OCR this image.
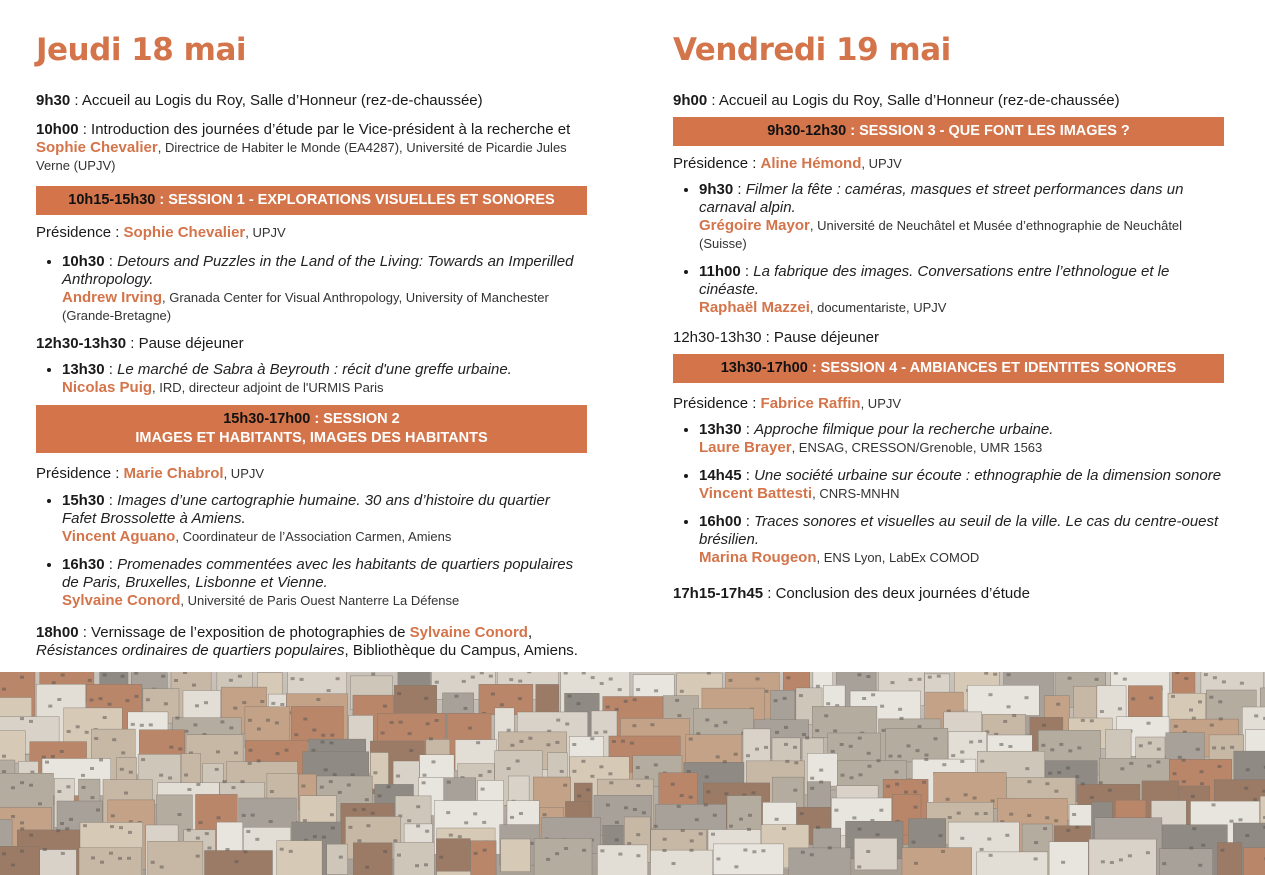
Jeudi 18 mai

9h30 : Accueil au Logis du Roy, Salle d’Honneur (rez-de-chaussée)

10h00 : Introduction des journées d’étude par le Vice-président à la recherche et Sophie Chevalier, Directrice de Habiter le Monde (EA4287), Université de Picardie Jules Verne (UPJV)

10h15-15h30 : SESSION 1 - EXPLORATIONS VISUELLES ET SONORES

Présidence : Sophie Chevalier, UPJV

• 10h30 : Detours and Puzzles in the Land of the Living: Towards an Imperilled Anthropology.
Andrew Irving, Granada Center for Visual Anthropology, University of Manchester (Grande-Bretagne)

12h30-13h30 : Pause déjeuner

• 13h30 : Le marché de Sabra à Beyrouth : récit d'une greffe urbaine.
Nicolas Puig, IRD, directeur adjoint de l'URMIS Paris
15h30-17h00 : SESSION 2
IMAGES ET HABITANTS, IMAGES DES HABITANTS

Présidence : Marie Chabrol, UPJV

• 15h30 : Images d’une cartographie humaine. 30 ans d’histoire du quartier Fafet Brossolette à Amiens.
Vincent Aguano, Coordinateur de l’Association Carmen, Amiens
• 16h30 : Promenades commentées avec les habitants de quartiers populaires de Paris, Bruxelles, Lisbonne et Vienne.
Sylvaine Conord, Université de Paris Ouest Nanterre La Défense

18h00 : Vernissage de l’exposition de photographies de Sylvaine Conord,
Résistances ordinaires de quartiers populaires, Bibliothèque du Campus, Amiens.

Vendredi 19 mai

9h00 : Accueil au Logis du Roy, Salle d’Honneur (rez-de-chaussée)

9h30-12h30 : SESSION 3 - QUE FONT LES IMAGES ?

Présidence : Aline Hémond, UPJV

• 9h30 : Filmer la fête : caméras, masques et street performances dans un carnaval alpin.
Grégoire Mayor, Université de Neuchâtel et Musée d’ethnographie de Neuchâtel (Suisse)
• 11h00 : La fabrique des images. Conversations entre l’ethnologue et le cinéaste.
Raphaël Mazzei, documentariste, UPJV

12h30-13h30 : Pause déjeuner

13h30-17h00 : SESSION 4 - AMBIANCES ET IDENTITES SONORES

Présidence : Fabrice Raffin, UPJV

• 13h30 : Approche filmique pour la recherche urbaine.
Laure Brayer, ENSAG, CRESSON/Grenoble, UMR 1563
• 14h45 : Une société urbaine sur écoute : ethnographie de la dimension sonore
Vincent Battesti, CNRS-MNHN
• 16h00 : Traces sonores et visuelles au seuil de la ville. Le cas du centre-ouest brésilien.
Marina Rougeon, ENS Lyon, LabEx COMOD

17h15-17h45 : Conclusion des deux journées d’étude
